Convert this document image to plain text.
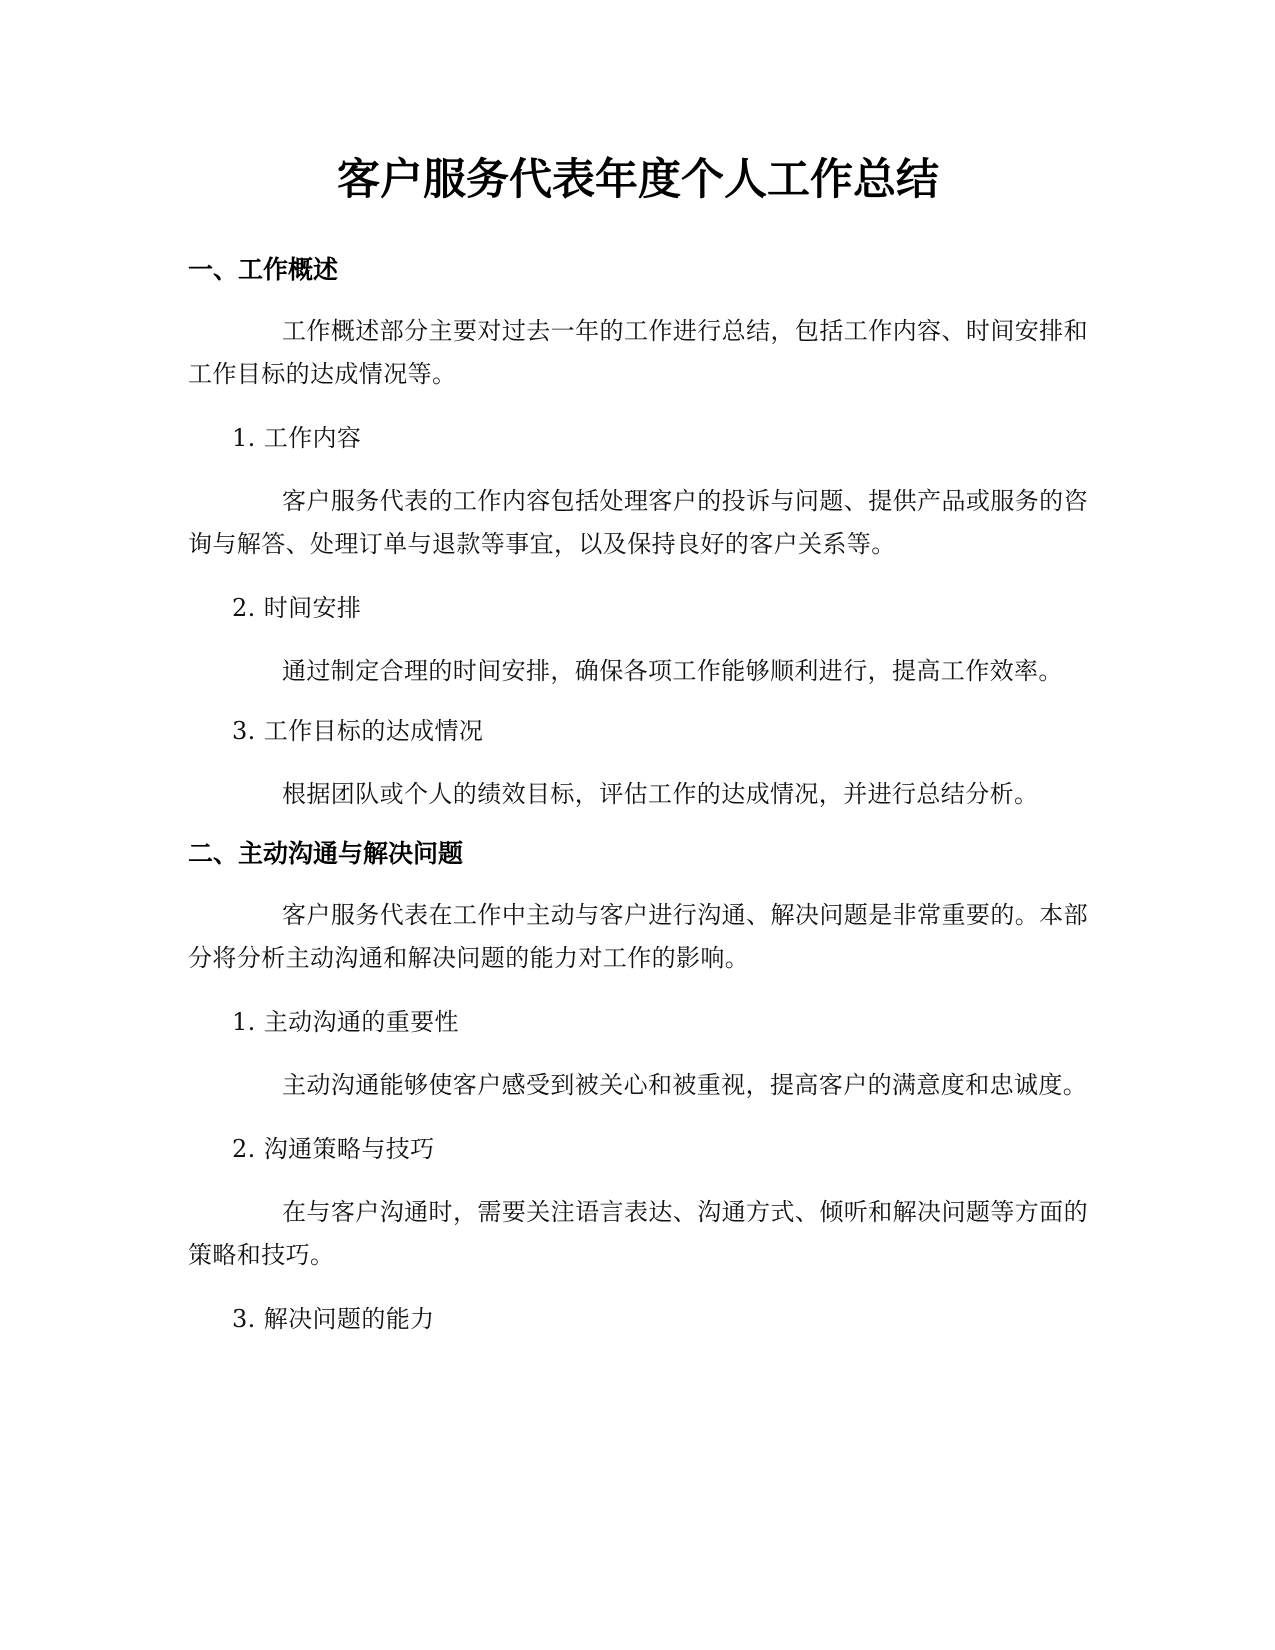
客户服务代表年度个人工作总结
一、工作概述

工作概述部分主要对过去一年的工作进行总结，包括工作内容、时间安排和工作目标的达成情况等。

1. 工作内容

客户服务代表的工作内容包括处理客户的投诉与问题、提供产品或服务的咨询与解答、处理订单与退款等事宜，以及保持良好的客户关系等。

2. 时间安排

通过制定合理的时间安排，确保各项工作能够顺利进行，提高工作效率。

3. 工作目标的达成情况

根据团队或个人的绩效目标，评估工作的达成情况，并进行总结分析。

二、主动沟通与解决问题

客户服务代表在工作中主动与客户进行沟通、解决问题是非常重要的。本部分将分析主动沟通和解决问题的能力对工作的影响。

1. 主动沟通的重要性

主动沟通能够使客户感受到被关心和被重视，提高客户的满意度和忠诚度。

2. 沟通策略与技巧

在与客户沟通时，需要关注语言表达、沟通方式、倾听和解决问题等方面的策略和技巧。

3. 解决问题的能力
